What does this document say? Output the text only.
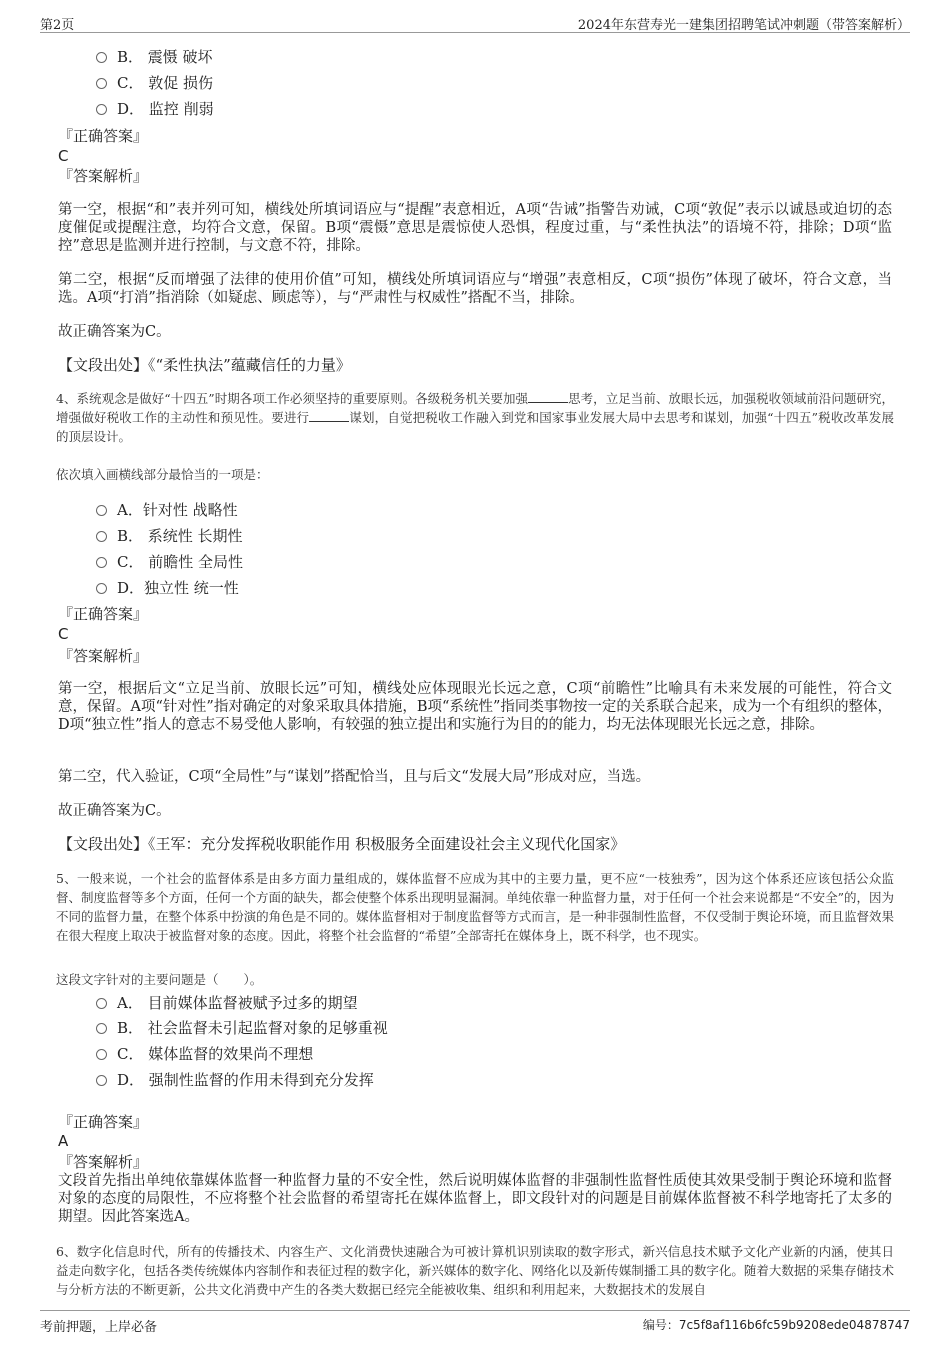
第2页	2024年东营寿光一建集团招聘笔试冲刺题（带答案解析）
B． 震慑 破坏
C． 敦促 损伤
D． 监控 削弱
『正确答案』
C
『答案解析』
第一空，根据“和”表并列可知，横线处所填词语应与“提醒”表意相近，A项“告诫”指警告劝诫，C项“敦促”表示以诚恳或迫切的态度催促或提醒注意，均符合文意，保留。B项“震慑”意思是震惊使人恐惧，程度过重，与“柔性执法”的语境不符，排除；D项“监控”意思是监测并进行控制，与文意不符，排除。
第二空，根据“反而增强了法律的使用价值”可知，横线处所填词语应与“增强”表意相反，C项“损伤”体现了破坏，符合文意，当选。A项“打消”指消除（如疑虑、顾虑等），与“严肃性与权威性”搭配不当，排除。
故正确答案为C。
【文段出处】《“柔性执法”蕴藏信任的力量》
4、系统观念是做好“十四五”时期各项工作必须坚持的重要原则。各级税务机关要加强	思考，立足当前、放眼长远，加强税收领域前沿问题研究，增强做好税收工作的主动性和预见性。要进行	谋划，自觉把税收工作融入到党和国家事业发展大局中去思考和谋划，加强“十四五”税收改革发展的顶层设计。
依次填入画横线部分最恰当的一项是：
A．针对性 战略性
B． 系统性 长期性
C． 前瞻性 全局性
D．独立性 统一性
『正确答案』
C
『答案解析』
第一空，根据后文“立足当前、放眼长远”可知，横线处应体现眼光长远之意，C项“前瞻性”比喻具有未来发展的可能性，符合文意，保留。A项“针对性”指对确定的对象采取具体措施，B项“系统性”指同类事物按一定的关系联合起来，成为一个有组织的整体，D项“独立性”指人的意志不易受他人影响，有较强的独立提出和实施行为目的的能力，均无法体现眼光长远之意，排除。
第二空，代入验证，C项“全局性”与“谋划”搭配恰当，且与后文“发展大局”形成对应，当选。
故正确答案为C。
【文段出处】《王军：充分发挥税收职能作用 积极服务全面建设社会主义现代化国家》
5、一般来说，一个社会的监督体系是由多方面力量组成的，媒体监督不应成为其中的主要力量，更不应“一枝独秀”，因为这个体系还应该包括公众监督、制度监督等多个方面，任何一个方面的缺失，都会使整个体系出现明显漏洞。单纯依靠一种监督力量，对于任何一个社会来说都是“不安全”的，因为不同的监督力量，在整个体系中扮演的角色是不同的。媒体监督相对于制度监督等方式而言，是一种非强制性监督，不仅受制于舆论环境，而且监督效果在很大程度上取决于被监督对象的态度。因此，将整个社会监督的“希望”全部寄托在媒体身上，既不科学，也不现实。
这段文字针对的主要问题是（　　）。
A． 目前媒体监督被赋予过多的期望
B． 社会监督未引起监督对象的足够重视
C． 媒体监督的效果尚不理想
D． 强制性监督的作用未得到充分发挥
『正确答案』
A
『答案解析』
文段首先指出单纯依靠媒体监督一种监督力量的不安全性，然后说明媒体监督的非强制性监督性质使其效果受制于舆论环境和监督对象的态度的局限性，不应将整个社会监督的希望寄托在媒体监督上，即文段针对的问题是目前媒体监督被不科学地寄托了太多的期望。因此答案选A。
6、数字化信息时代，所有的传播技术、内容生产、文化消费快速融合为可被计算机识别读取的数字形式，新兴信息技术赋予文化产业新的内涵，使其日益走向数字化，包括各类传统媒体内容制作和表征过程的数字化，新兴媒体的数字化、网络化以及新传媒制播工具的数字化。随着大数据的采集存储技术与分析方法的不断更新，公共文化消费中产生的各类大数据已经完全能被收集、组织和利用起来，大数据技术的发展自
考前押题，上岸必备	编号：7c5f8af116b6fc59b9208ede04878747
